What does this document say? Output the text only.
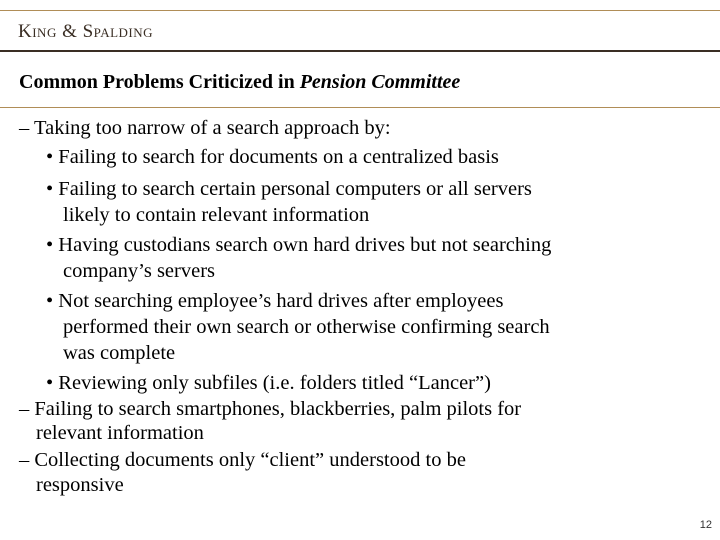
King & Spalding
Common Problems Criticized in Pension Committee
– Taking too narrow of a search approach by:
• Failing to search for documents on a centralized basis
• Failing to search certain personal computers or all servers
likely to contain relevant information
• Having custodians search own hard drives but not searching
company’s servers
• Not searching employee’s hard drives after employees
performed their own search or otherwise confirming search
was complete
• Reviewing only subfiles (i.e. folders titled “Lancer”)
– Failing to search smartphones, blackberries, palm pilots for
relevant information
– Collecting documents only “client” understood to be
responsive
12
